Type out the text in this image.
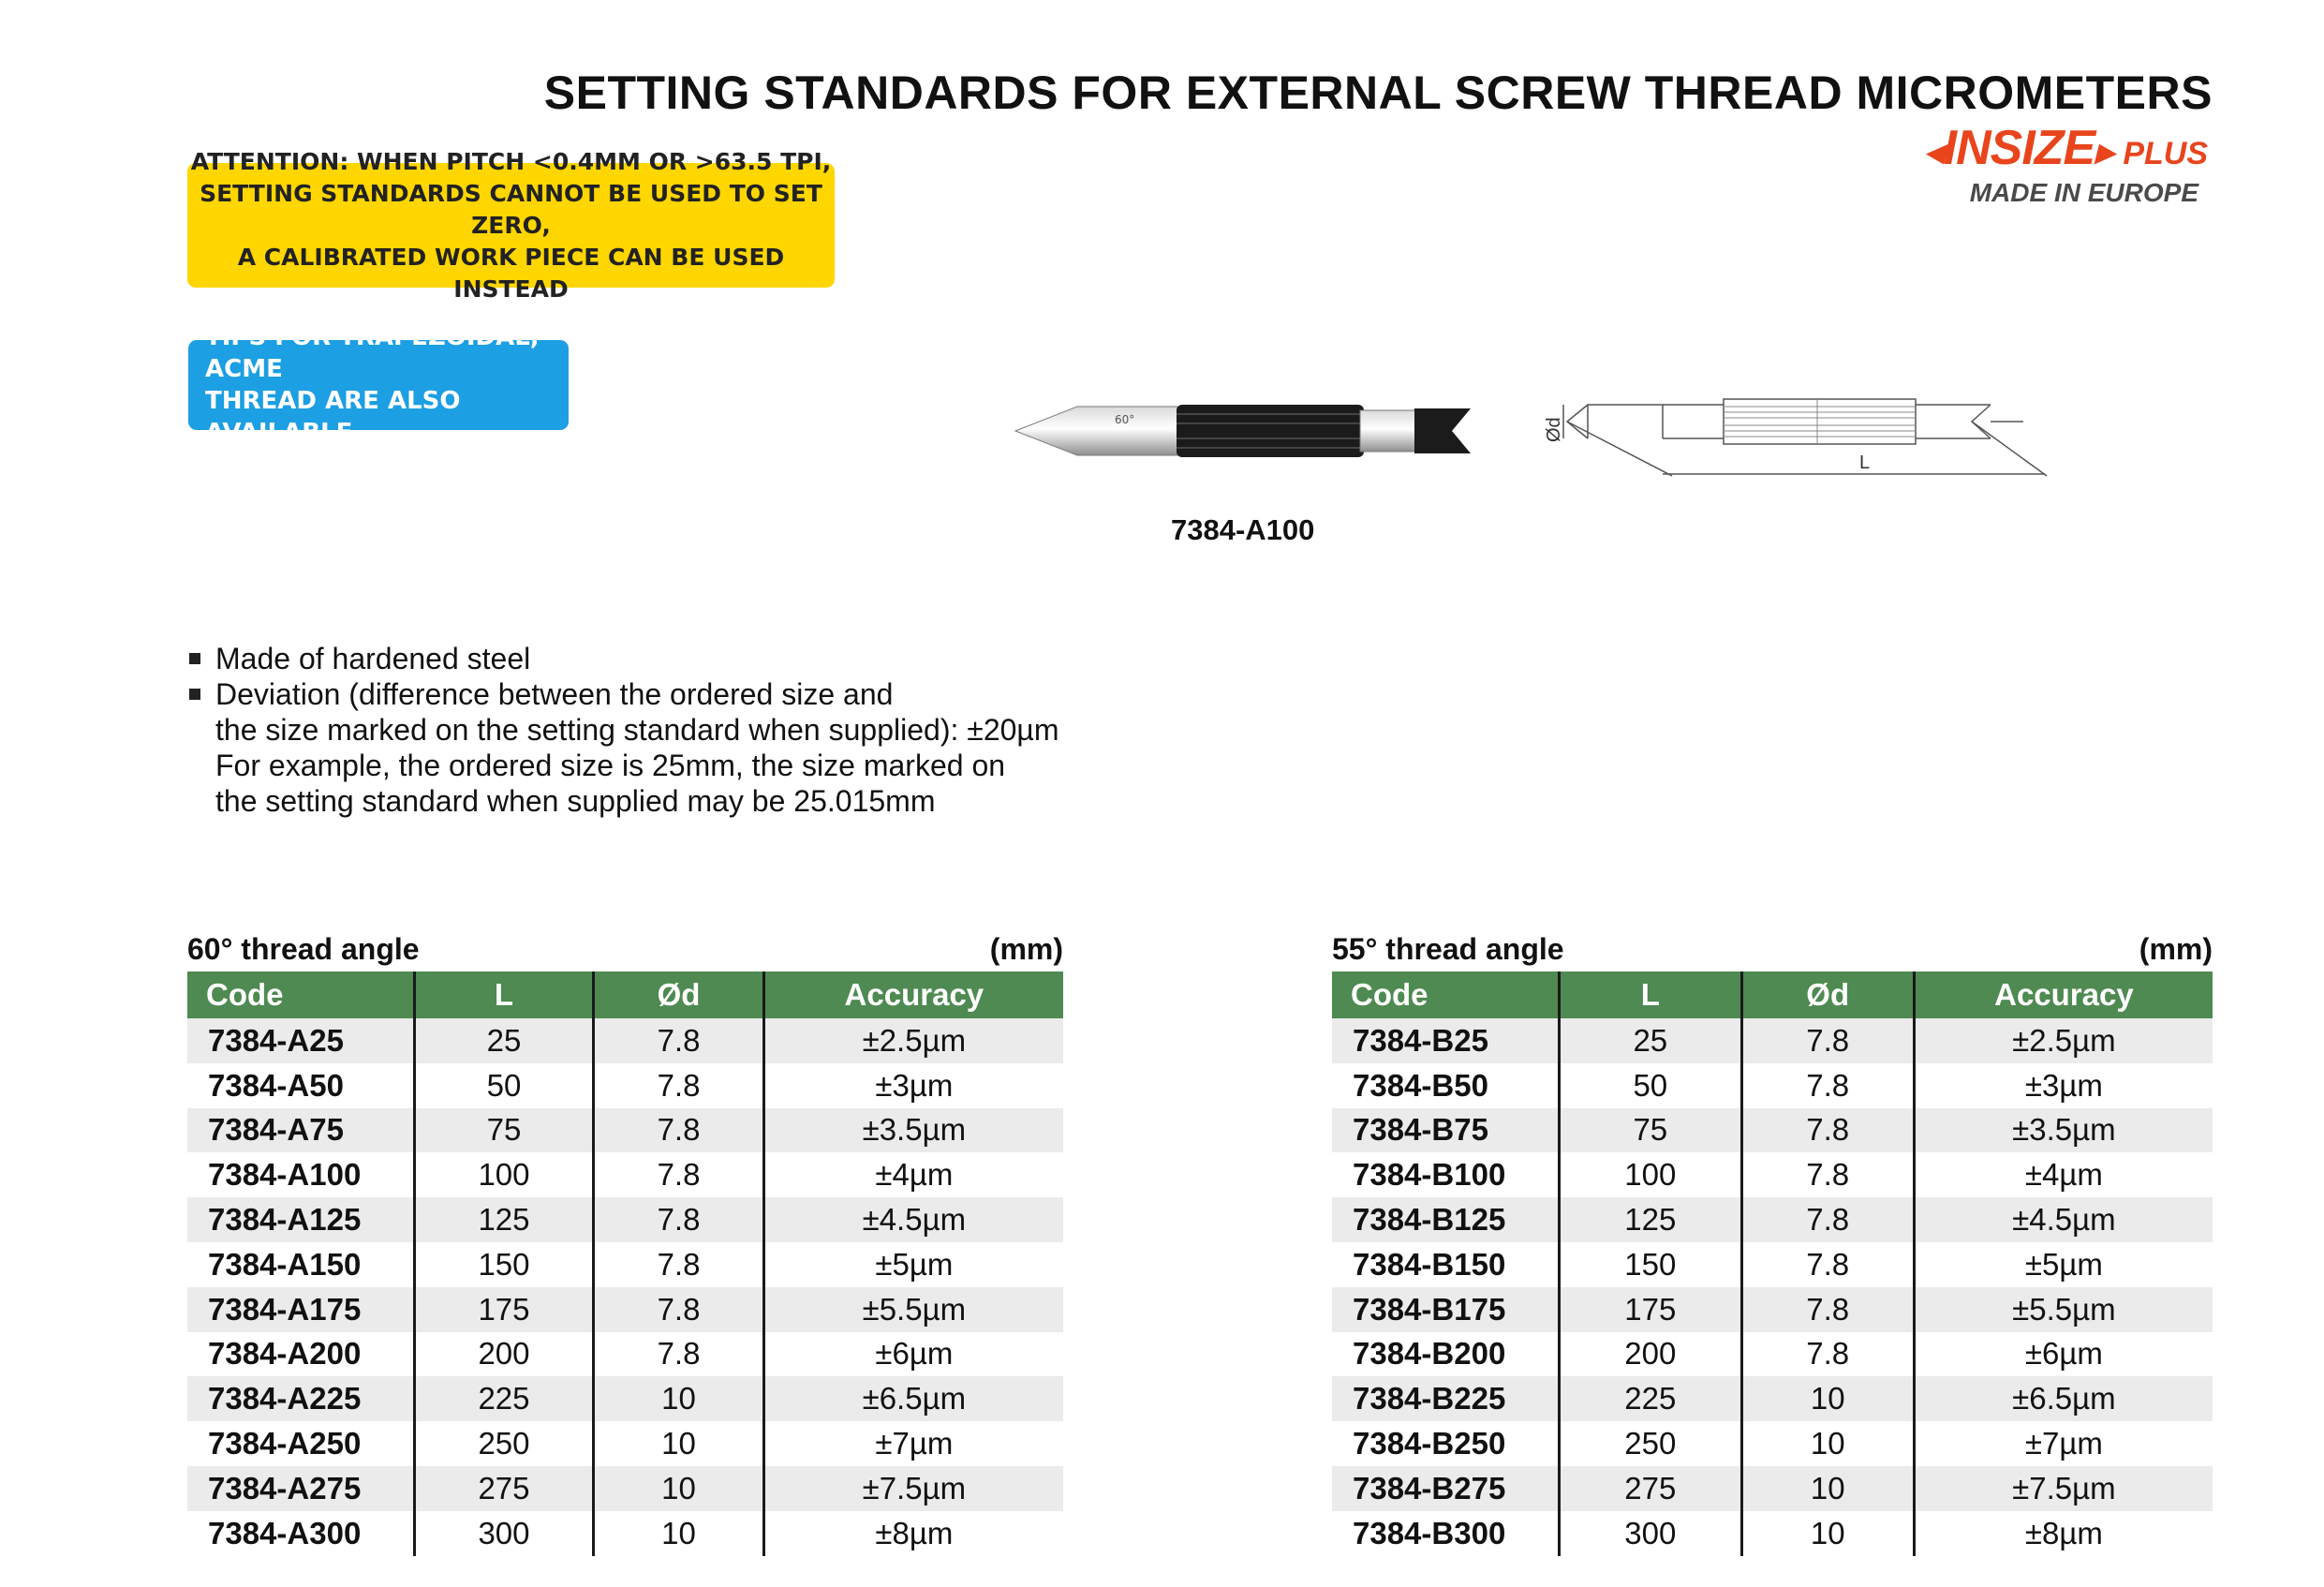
SETTING STANDARDS FOR EXTERNAL SCREW THREAD MICROMETERS
◂INSIZE▸ PLUS
MADE IN EUROPE
ATTENTION: WHEN PITCH <0.4MM OR >63.5 TPI,
SETTING STANDARDS CANNOT BE USED TO SET ZERO,
A CALIBRATED WORK PIECE CAN BE USED INSTEAD
TIPS FOR TRAPEZOIDAL, ACME
THREAD ARE ALSO AVAILABLE	60°	Ød
L
7384-A100
Made of hardened steel
Deviation (difference between the ordered size and
the size marked on the setting standard when supplied): ±20µm
For example, the ordered size is 25mm, the size marked on
the setting standard when supplied may be 25.015mm
60° thread angle	(mm)
Code	L	Ød	Accuracy
7384-A25	25	7.8	±2.5µm
7384-A50	50	7.8	±3µm
7384-A75	75	7.8	±3.5µm
7384-A100	100	7.8	±4µm
7384-A125	125	7.8	±4.5µm
7384-A150	150	7.8	±5µm
7384-A175	175	7.8	±5.5µm
7384-A200	200	7.8	±6µm
7384-A225	225	10	±6.5µm
7384-A250	250	10	±7µm
7384-A275	275	10	±7.5µm
7384-A300	300	10	±8µm
55° thread angle	(mm)
Code	L	Ød	Accuracy
7384-B25	25	7.8	±2.5µm
7384-B50	50	7.8	±3µm
7384-B75	75	7.8	±3.5µm
7384-B100	100	7.8	±4µm
7384-B125	125	7.8	±4.5µm
7384-B150	150	7.8	±5µm
7384-B175	175	7.8	±5.5µm
7384-B200	200	7.8	±6µm
7384-B225	225	10	±6.5µm
7384-B250	250	10	±7µm
7384-B275	275	10	±7.5µm
7384-B300	300	10	±8µm
